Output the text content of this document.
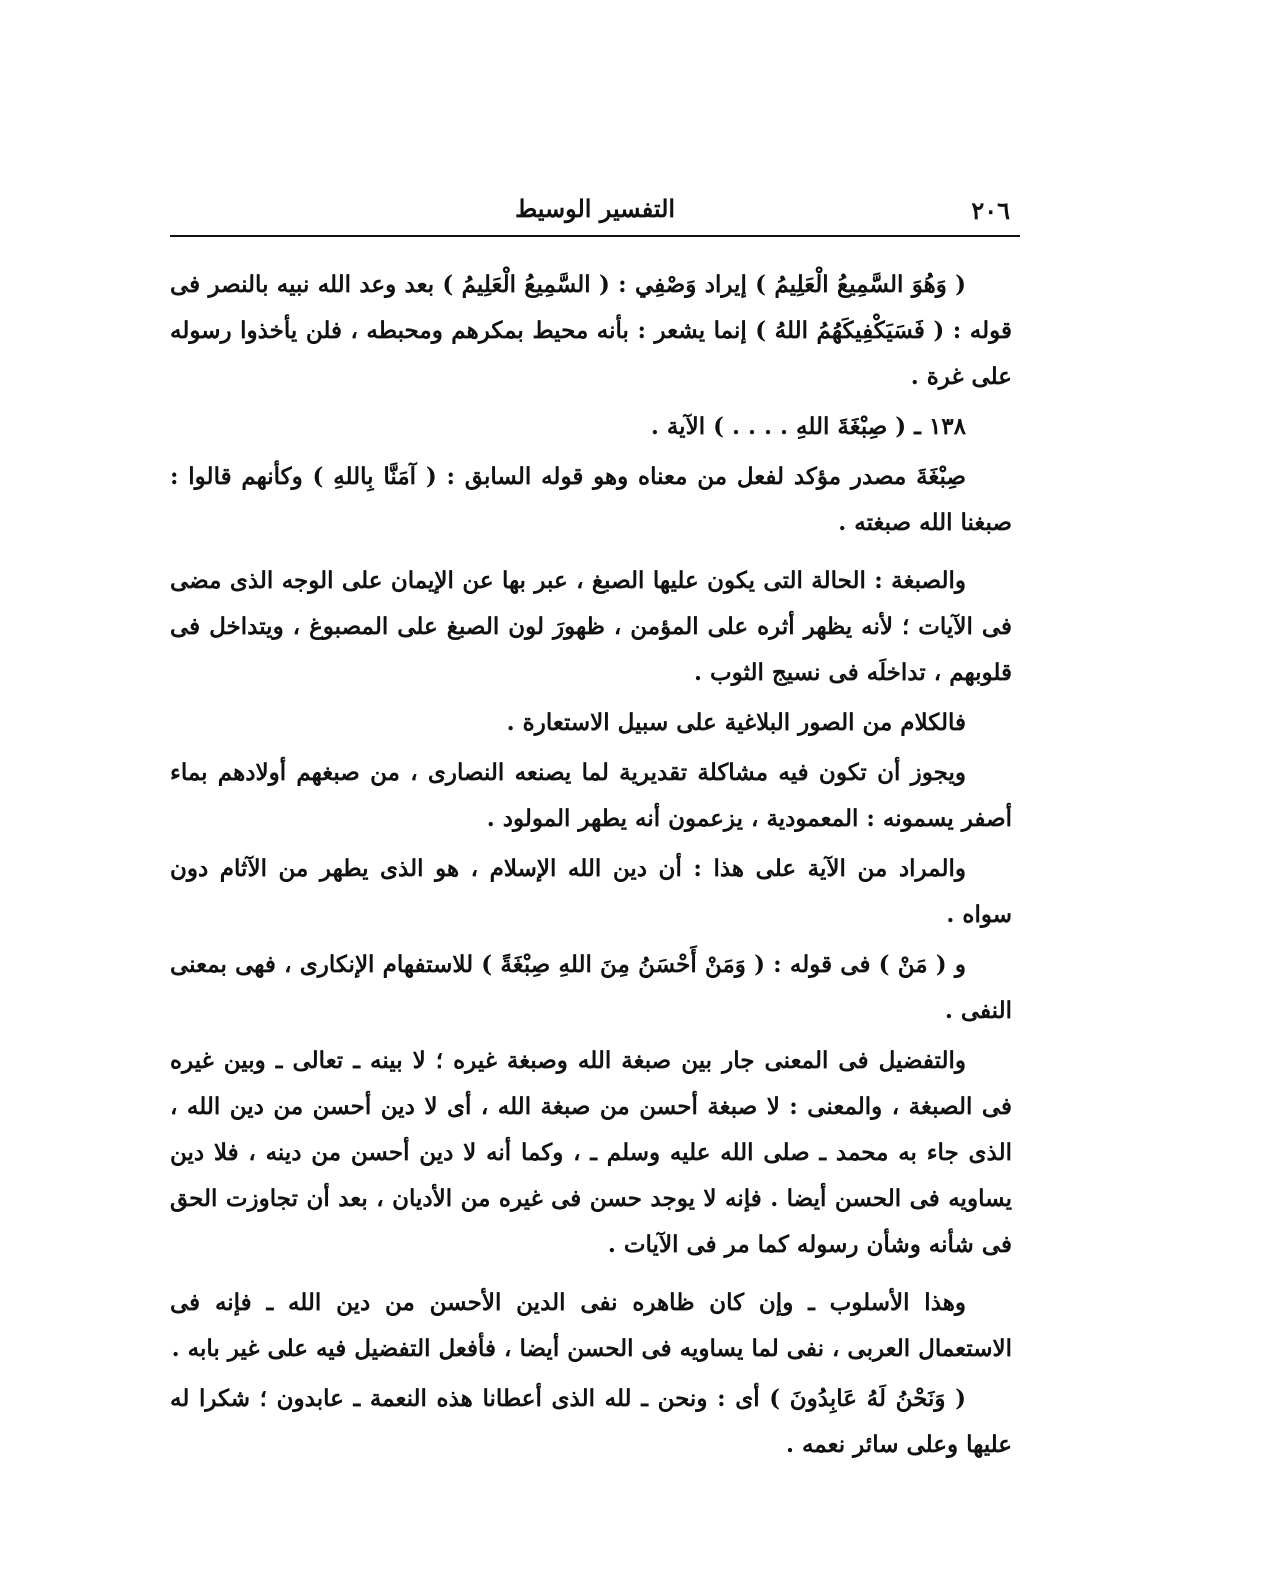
٢٠٦
التفسير الوسيط

( وَهُوَ السَّمِيعُ الْعَلِيمُ ) إيراد وَصْفِي : ( السَّمِيعُ الْعَلِيمُ ) بعد وعد الله نبيه بالنصر فى قوله : ( فَسَيَكْفِيكَهُمُ اللهُ ) إنما يشعر : بأنه محيط بمكرهم ومحبطه ، فلن يأخذوا رسوله على غرة .

١٣٨ ـ ( صِبْغَةَ اللهِ . . . . ) الآية .

صِبْغَةَ مصدر مؤكد لفعل من معناه وهو قوله السابق : ( آمَنَّا بِاللهِ ) وكأنهم قالوا : صبغنا الله صبغته .

والصبغة : الحالة التى يكون عليها الصبغ ، عبر بها عن الإيمان على الوجه الذى مضى فى الآيات ؛ لأنه يظهر أثره على المؤمن ، ظهورَ لون الصبغ على المصبوغ ، ويتداخل فى قلوبهم ، تداخلَه فى نسيج الثوب .

فالكلام من الصور البلاغية على سبيل الاستعارة .

ويجوز أن تكون فيه مشاكلة تقديرية لما يصنعه النصارى ، من صبغهم أولادهم بماء أصفر يسمونه : المعمودية ، يزعمون أنه يطهر المولود .

والمراد من الآية على هذا : أن دين الله الإسلام ، هو الذى يطهر من الآثام دون سواه .

و ( مَنْ ) فى قوله : ( وَمَنْ أَحْسَنُ مِنَ اللهِ صِبْغَةً ) للاستفهام الإنكارى ، فهى بمعنى النفى .

والتفضيل فى المعنى جار بين صبغة الله وصبغة غيره ؛ لا بينه ـ تعالى ـ وبين غيره فى الصبغة ، والمعنى : لا صبغة أحسن من صبغة الله ، أى لا دين أحسن من دين الله ، الذى جاء به محمد ـ صلى الله عليه وسلم ـ ، وكما أنه لا دين أحسن من دينه ، فلا دين يساويه فى الحسن أيضا . فإنه لا يوجد حسن فى غيره من الأديان ، بعد أن تجاوزت الحق فى شأنه وشأن رسوله كما مر فى الآيات .

وهذا الأسلوب ـ وإن كان ظاهره نفى الدين الأحسن من دين الله ـ فإنه فى الاستعمال العربى ، نفى لما يساويه فى الحسن أيضا ، فأفعل التفضيل فيه على غير بابه .

( وَنَحْنُ لَهُ عَابِدُونَ ) أى : ونحن ـ لله الذى أعطانا هذه النعمة ـ عابدون ؛ شكرا له عليها وعلى سائر نعمه .
